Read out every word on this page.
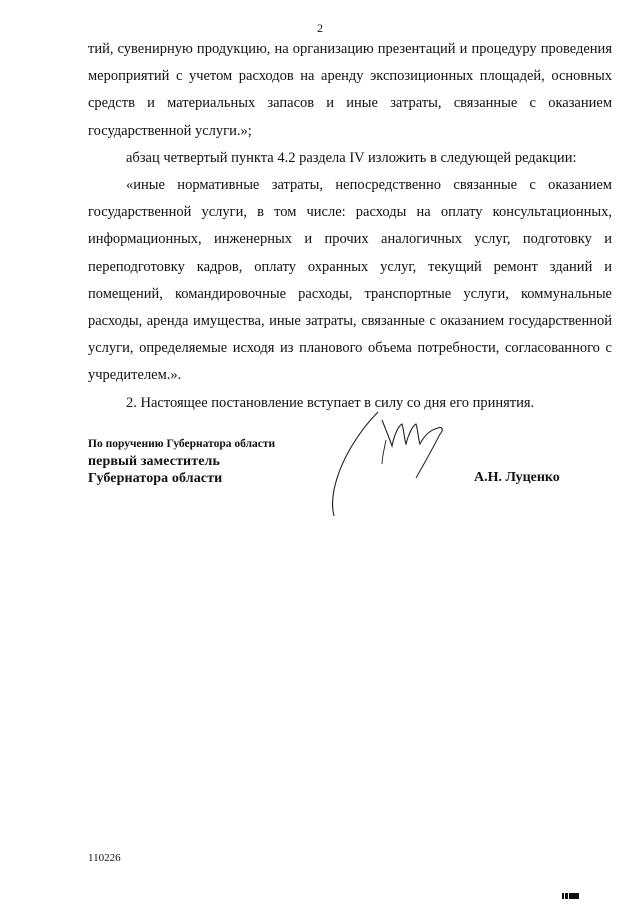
2

тий, сувенирную продукцию, на организацию презентаций и процедуру проведения мероприятий с учетом расходов на аренду экспозиционных площадей, основных средств и материальных запасов и иные затраты, связанные с оказанием государственной услуги.»;

абзац четвертый пункта 4.2 раздела IV изложить в следующей редакции:

«иные нормативные затраты, непосредственно связанные с оказанием государственной услуги, в том числе: расходы на оплату консультационных, информационных, инженерных и прочих аналогичных услуг, подготовку и переподготовку кадров, оплату охранных услуг, текущий ремонт зданий и помещений, командировочные расходы, транспортные услуги, коммунальные расходы, аренда имущества, иные затраты, связанные с оказанием государственной услуги, определяемые исходя из планового объема потребности, согласованного с учредителем.».

2. Настоящее постановление вступает в силу со дня его принятия.

По поручению Губернатора области
первый заместитель
Губернатора области	А.Н. Луценко
110226
